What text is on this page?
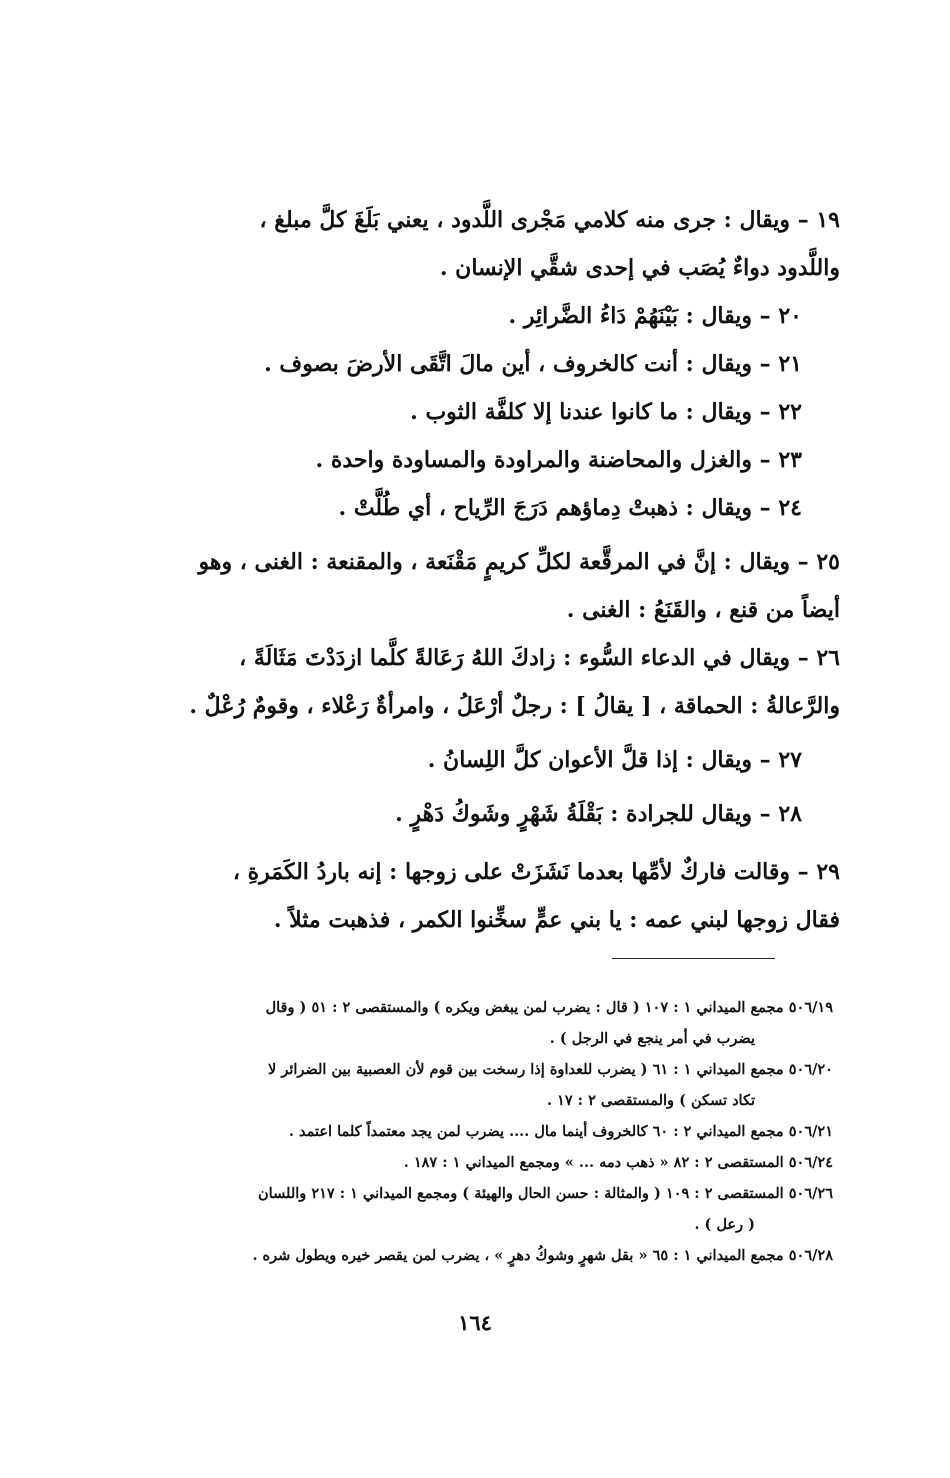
١٩ – ويقال : جرى منه كلامي مَجْرى اللَّدود ، يعني بَلَغَ كلَّ مبلغ ،
واللَّدود دواءٌ يُصَب في إحدى شقَّي الإنسان .
٢٠ – ويقال : بَيْنَهُمْ دَاءُ الضَّرائِر .
٢١ – ويقال : أنت كالخروف ، أين مالَ اتَّقَى الأرضَ بصوف .
٢٢ – ويقال : ما كانوا عندنا إلا كلفَّة الثوب .
٢٣ – والغزل والمحاضنة والمراودة والمساودة واحدة .
٢٤ – ويقال : ذهبتْ دِماؤهم دَرَجَ الرِّياح ، أي طُلَّتْ .
٢٥ – ويقال : إنَّ في المرقَّعة لكلِّ كريمٍ مَقْنَعة ، والمقنعة : الغنى ، وهو
أيضاً من قنع ، والقَنَعُ : الغنى .
٢٦ – ويقال في الدعاء السُّوء : زادكَ اللهُ رَعَالةً كلَّما ازدَدْتَ مَثَالَةً ،
والرَّعالةُ : الحماقة ، [ يقالُ ] : رجلٌ أرْعَلُ ، وامرأةٌ رَعْلاء ، وقومٌ رُعْلٌ .
٢٧ – ويقال : إذا قلَّ الأعوان كلَّ اللِسانُ .
٢٨ – ويقال للجرادة : بَقْلَةُ شَهْرٍ وشَوكُ دَهْرٍ .
٢٩ – وقالت فاركٌ لأمِّها بعدما نَشَزَتْ على زوجها : إنه باردُ الكَمَرةِ ،
فقال زوجها لبني عمه : يا بني عمٍّ سخِّنوا الكمر ، فذهبت مثلاً .
٥٠٦/١٩ مجمع الميداني ١ : ١٠٧ ( قال : يضرب لمن يبغض ويكره ) والمستقصى ٢ : ٥١ ( وقال
يضرب في أمر ينجع في الرجل ) .
٥٠٦/٢٠ مجمع الميداني ١ : ٦١ ( يضرب للعداوة إذا رسخت بين قوم لأن العصبية بين الضرائر لا
تكاد تسكن ) والمستقصى ٢ : ١٧ .
٥٠٦/٢١ مجمع الميداني ٢ : ٦٠ كالخروف أينما مال .... يضرب لمن يجد معتمداً كلما اعتمد .
٥٠٦/٢٤ المستقصى ٢ : ٨٢ « ذهب دمه ... » ومجمع الميداني ١ : ١٨٧ .
٥٠٦/٢٦ المستقصى ٢ : ١٠٩ ( والمثالة : حسن الحال والهيئة ) ومجمع الميداني ١ : ٢١٧ واللسان
( رعل ) .
٥٠٦/٢٨ مجمع الميداني ١ : ٦٥ « بقل شهرٍ وشوكُ دهرٍ » ، يضرب لمن يقصر خيره ويطول شره .
١٦٤
